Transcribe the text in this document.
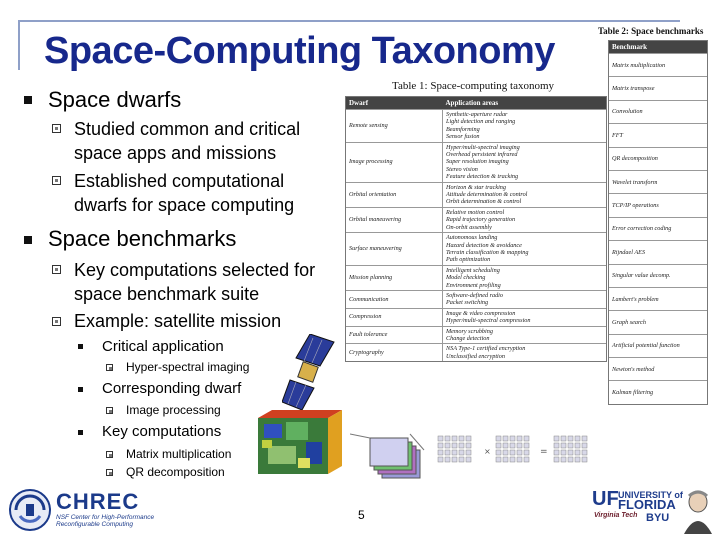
Space-Computing Taxonomy
Space dwarfs
Studied common and critical
space apps and missions
Established computational
dwarfs for space computing
Space benchmarks
Key computations selected for
space benchmark suite
Example: satellite mission
Critical application
Hyper-spectral imaging
Corresponding dwarf
Image processing
Key computations
Matrix multiplication
QR decomposition
×	=
Table 1: Space-computing taxonomy
Dwarf	Application areas
Remote sensing	Synthetic-aperture radar
Light detection and ranging
Beamforming
Sensor fusion

Image processing	Hyper/multi-spectral imaging
Overhead persistent infrared
Super resolution imaging
Stereo vision
Feature detection & tracking

Orbital orientation	Horizon & star tracking
Attitude determination & control
Orbit determination & control

Orbital maneuvering	Relative motion control
Rapid trajectory generation
On-orbit assembly

Surface maneuvering	Autonomous landing
Hazard detection & avoidance
Terrain classification & mapping
Path optimization

Mission planning	Intelligent scheduling
Model checking
Environment profiling

Communication	Software-defined radio
Packet switching

Compression	Image & video compression
Hyper/multi-spectral compression

Fault tolerance	Memory scrubbing
Change detection

Cryptography	NSA Type-1 certified encryption
Unclassified encryption
Table 2: Space benchmarks
Benchmark
Matrix multiplication
Matrix transpose
Convolution
FFT
QR decomposition
Wavelet transform
TCP/IP operations
Error correction coding
Rijndael AES
Singular value decomp.
Lambert's problem
Graph search
Artificial potential function
Newton's method
Kalman filtering
CHREC
NSF Center for High-Performance
Reconfigurable Computing
5
UF UNIVERSITY of
FLORIDA
Virginia Tech BYU
